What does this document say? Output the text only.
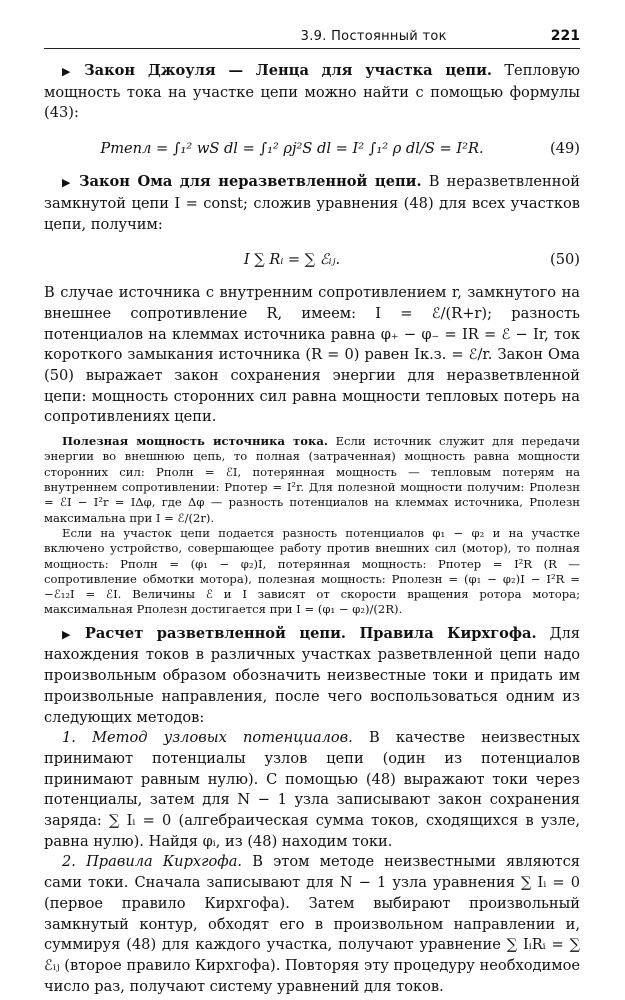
3.9. Постоянный ток	221

▶ Закон Джоуля — Ленца для участка цепи. Тепловую мощность тока на участке цепи можно найти с помощью формулы (43):

Pтепл = ∫₁² wS dl = ∫₁² ρj²S dl = I² ∫₁² ρ dl/S = I²R.	(49)

▶ Закон Ома для неразветвленной цепи. В неразветвленной замкнутой цепи I = const; сложив уравнения (48) для всех участков цепи, получим:

I ∑ Rᵢ = ∑ ℰᵢⱼ.	(50)

В случае источника с внутренним сопротивлением r, замкнутого на внешнее сопротивление R, имеем: I = ℰ/(R+r); разность потенциалов на клеммах источника равна φ₊ − φ₋ = IR = ℰ − Ir, ток короткого замыкания источника (R = 0) равен Iк.з. = ℰ/r. Закон Ома (50) выражает закон сохранения энергии для неразветвленной цепи: мощность сторонних сил равна мощности тепловых потерь на сопротивлениях цепи.

Полезная мощность источника тока. Если источник служит для передачи энергии во внешнюю цепь, то полная (затраченная) мощность равна мощности сторонних сил: Pполн = ℰI, потерянная мощность — тепловым потерям на внутреннем сопротивлении: Pпотер = I²r. Для полезной мощности получим: Pполезн = ℰI − I²r = IΔφ, где Δφ — разность потенциалов на клеммах источника, Pполезн максимальна при I = ℰ/(2r).

Если на участок цепи подается разность потенциалов φ₁ − φ₂ и на участке включено устройство, совершающее работу против внешних сил (мотор), то полная мощность: Pполн = (φ₁ − φ₂)I, потерянная мощность: Pпотер = I²R (R — сопротивление обмотки мотора), полезная мощность: Pполезн = (φ₁ − φ₂)I − I²R = −ℰ₁₂I = ℰI. Величины ℰ и I зависят от скорости вращения ротора мотора; максимальная Pполезн достигается при I = (φ₁ − φ₂)/(2R).

▶ Расчет разветвленной цепи. Правила Кирхгофа. Для нахождения токов в различных участках разветвленной цепи надо произвольным образом обозначить неизвестные токи и придать им произвольные направления, после чего воспользоваться одним из следующих методов:

1. Метод узловых потенциалов. В качестве неизвестных принимают потенциалы узлов цепи (один из потенциалов принимают равным нулю). С помощью (48) выражают токи через потенциалы, затем для N − 1 узла записывают закон сохранения заряда: ∑ Iᵢ = 0 (алгебраическая сумма токов, сходящихся в узле, равна нулю). Найдя φᵢ, из (48) находим токи.

2. Правила Кирхгофа. В этом методе неизвестными являются сами токи. Сначала записывают для N − 1 узла уравнения ∑ Iᵢ = 0 (первое правило Кирхгофа). Затем выбирают произвольный замкнутый контур, обходят его в произвольном направлении и, суммируя (48) для каждого участка, получают уравнение ∑ IᵢRᵢ = ∑ ℰᵢⱼ (второе правило Кирхгофа). Повторяя эту процедуру необходимое число раз, получают систему уравнений для токов.
